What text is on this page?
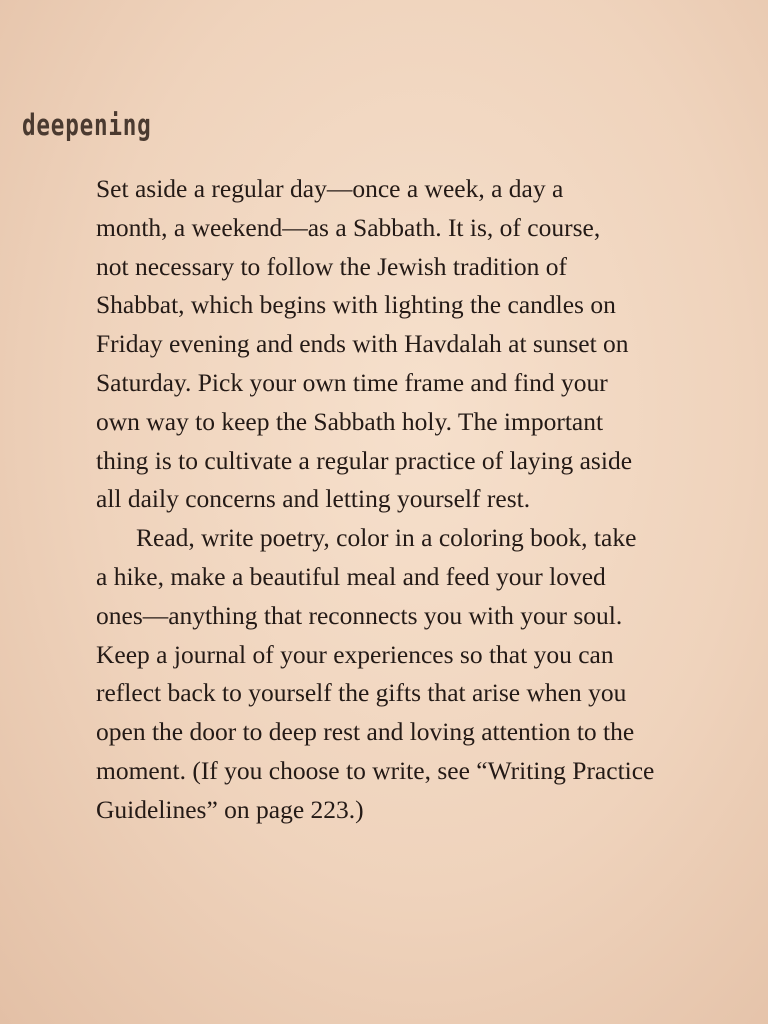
deepening
Set aside a regular day—once a week, a day a
month, a weekend—as a Sabbath. It is, of course,
not necessary to follow the Jewish tradition of
Shabbat, which begins with lighting the candles on
Friday evening and ends with Havdalah at sunset on
Saturday. Pick your own time frame and find your
own way to keep the Sabbath holy. The important
thing is to cultivate a regular practice of laying aside
all daily concerns and letting yourself rest.
Read, write poetry, color in a coloring book, take
a hike, make a beautiful meal and feed your loved
ones—anything that reconnects you with your soul.
Keep a journal of your experiences so that you can
reflect back to yourself the gifts that arise when you
open the door to deep rest and loving attention to the
moment. (If you choose to write, see “Writing Practice
Guidelines” on page 223.)
